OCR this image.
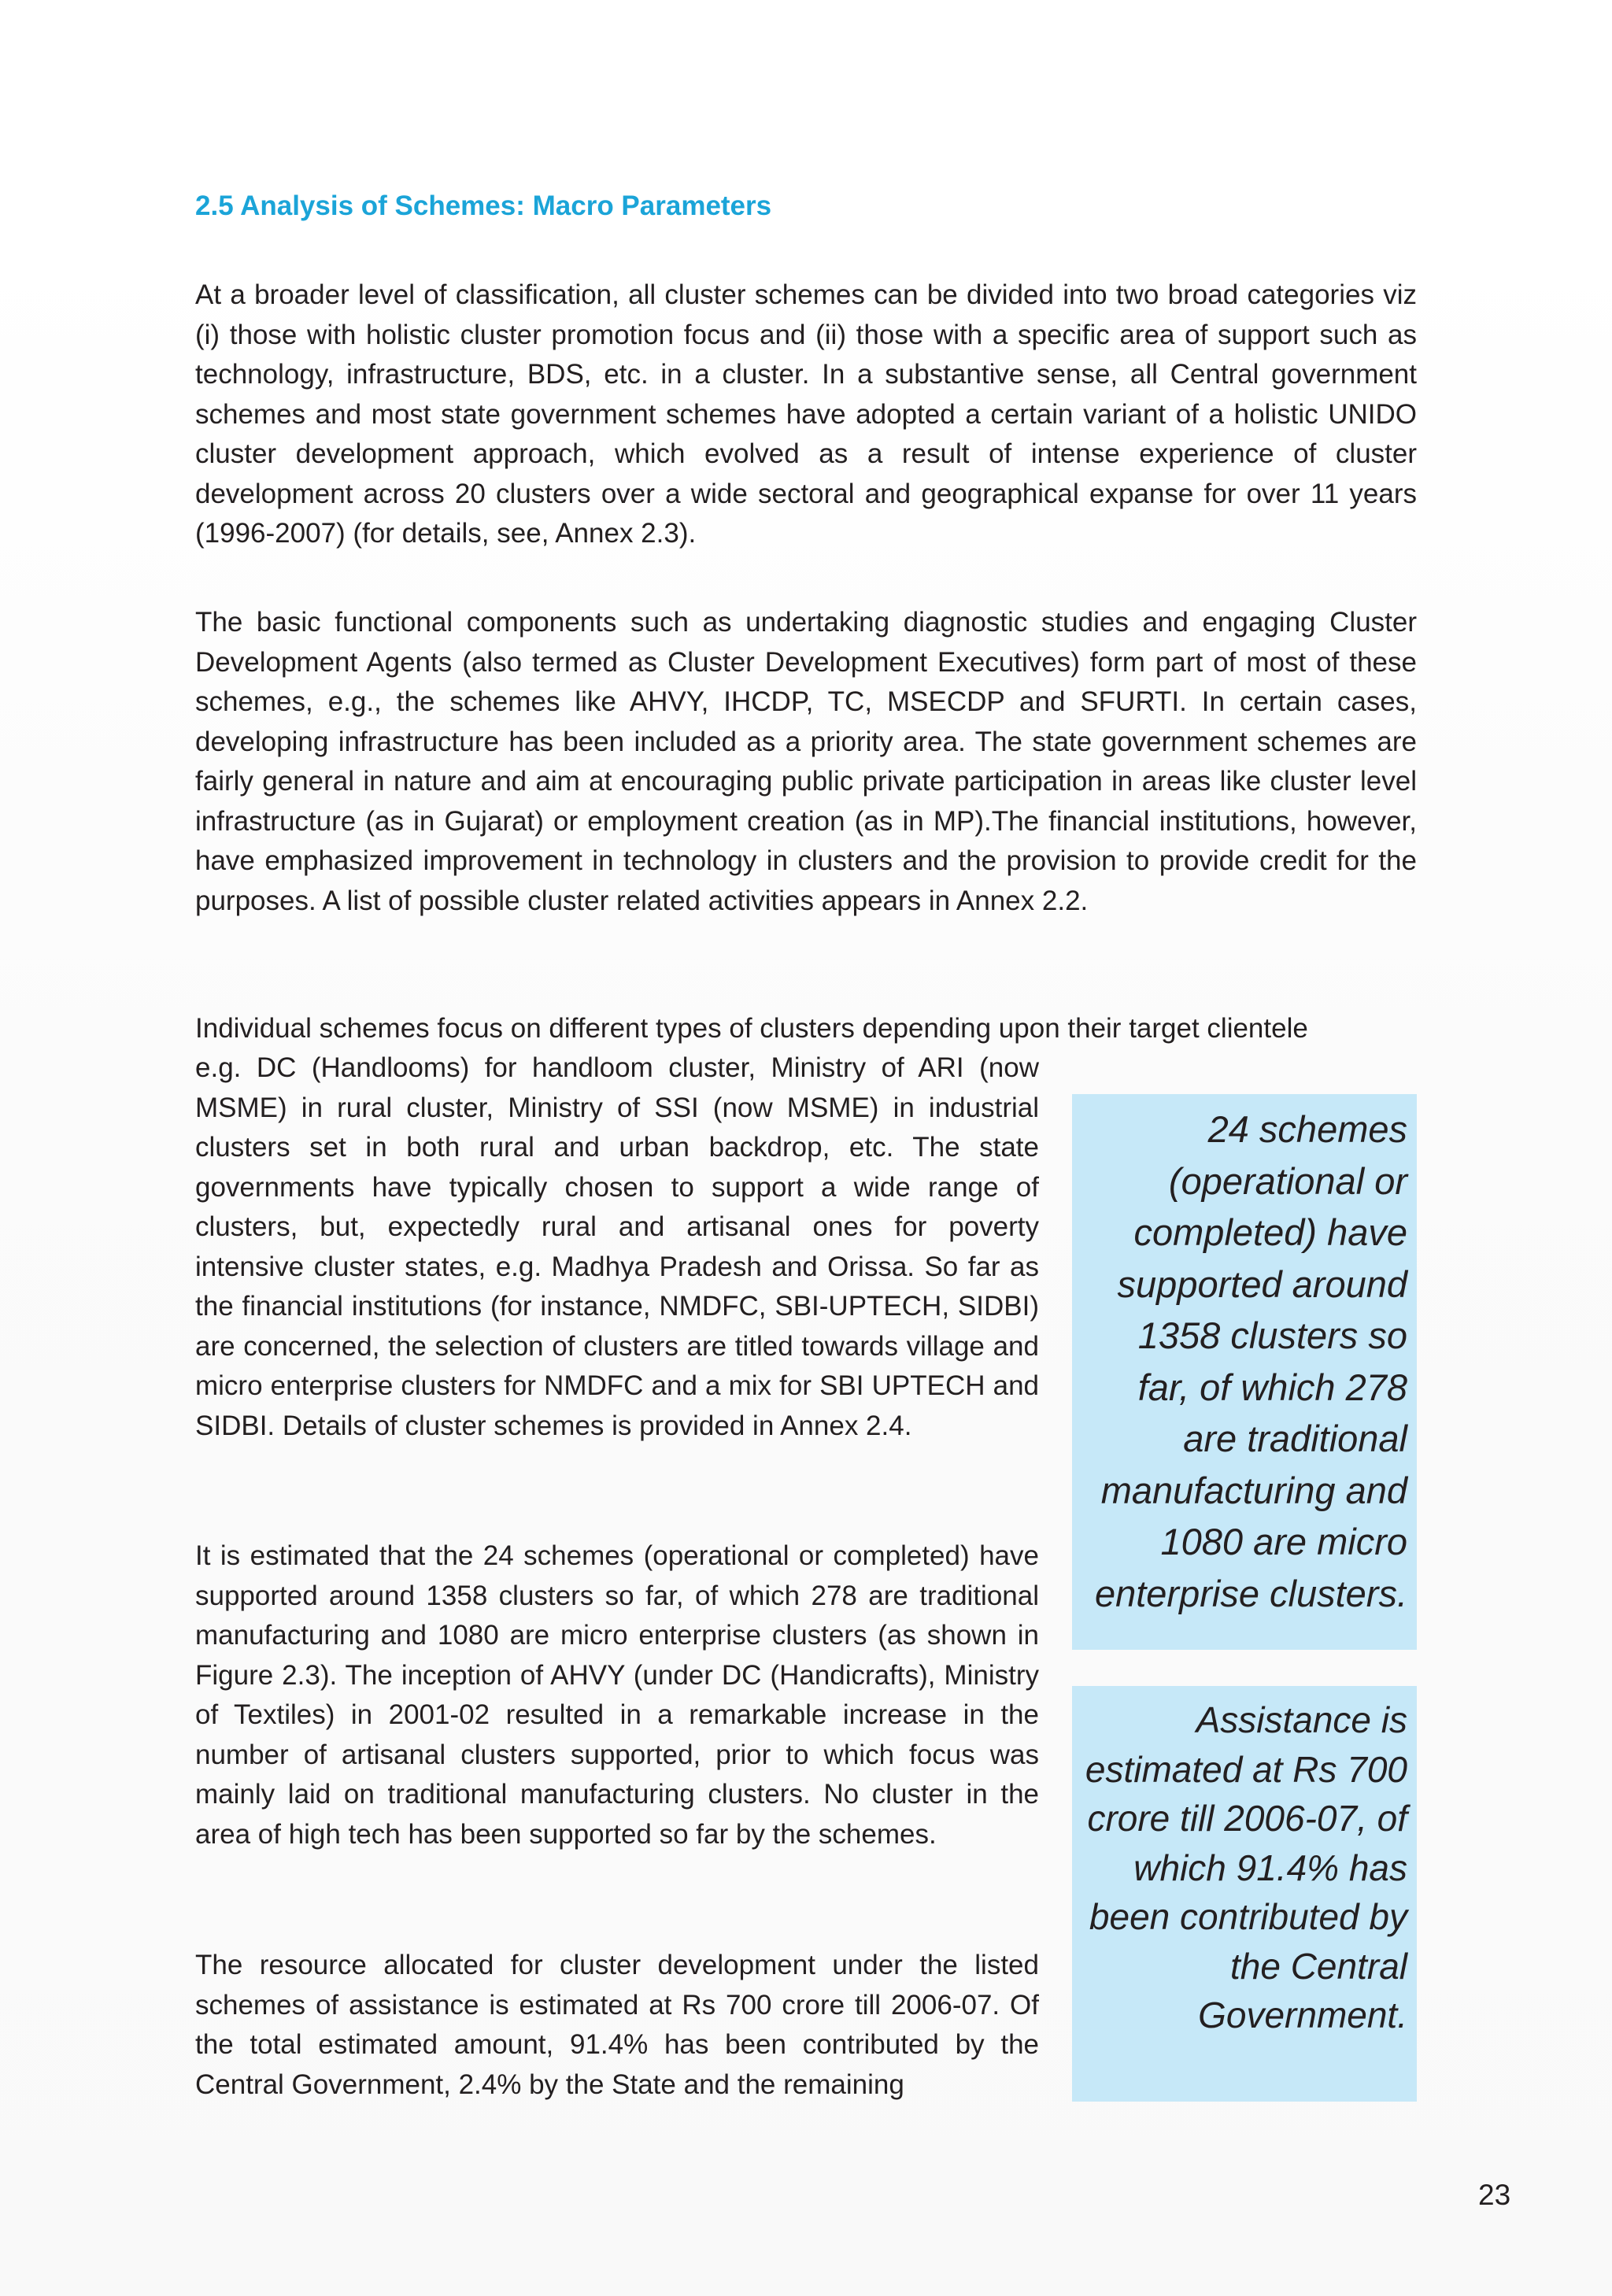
2.5 Analysis of Schemes: Macro Parameters

At a broader level of classification, all cluster schemes can be divided into two broad categories viz (i) those with holistic cluster promotion focus and (ii) those with a specific area of support such as technology, infrastructure, BDS, etc. in a cluster. In a substantive sense, all Central government schemes and most state government schemes have adopted a certain variant of a holistic UNIDO cluster development approach, which evolved as a result of intense experience of cluster development across 20 clusters over a wide sectoral and geographical expanse for over 11 years (1996-2007) (for details, see, Annex 2.3).

The basic functional components such as undertaking diagnostic studies and engaging Cluster Development Agents (also termed as Cluster Development Executives) form part of most of these schemes, e.g., the schemes like AHVY, IHCDP, TC, MSECDP and SFURTI. In certain cases, developing infrastructure has been included as a priority area. The state government schemes are fairly general in nature and aim at encouraging public private participation in areas like cluster level infrastructure (as in Gujarat) or employment creation (as in MP).The financial institutions, however, have emphasized improvement in technology in clusters and the provision to provide credit for the purposes. A list of possible cluster related activities appears in Annex 2.2.

Individual schemes focus on different types of clusters depending upon their target clientele

e.g. DC (Handlooms) for handloom cluster, Ministry of ARI (now MSME) in rural cluster, Ministry of SSI (now MSME) in industrial clusters set in both rural and urban backdrop, etc. The state governments have typically chosen to support a wide range of clusters, but, expectedly rural and artisanal ones for poverty intensive cluster states, e.g. Madhya Pradesh and Orissa. So far as the financial institutions (for instance, NMDFC, SBI-UPTECH, SIDBI) are concerned, the selection of clusters are titled towards village and micro enterprise clusters for NMDFC and a mix for SBI UPTECH and SIDBI. Details of cluster schemes is provided in Annex 2.4.

It is estimated that the 24 schemes (operational or completed) have supported around 1358 clusters so far, of which 278 are traditional manufacturing and 1080 are micro enterprise clusters (as shown in Figure 2.3). The inception of AHVY (under DC (Handicrafts), Ministry of Textiles) in 2001-02 resulted in a remarkable increase in the number of artisanal clusters supported, prior to which focus was mainly laid on traditional manufacturing clusters. No cluster in the area of high tech has been supported so far by the schemes.

The resource allocated for cluster development under the listed schemes of assistance is estimated at Rs 700 crore till 2006-07. Of the total estimated amount, 91.4% has been contributed by the Central Government, 2.4% by the State and the remaining

24 schemes (operational or completed) have supported around 1358 clusters so far, of which 278 are traditional manufacturing and 1080 are micro enterprise clusters.
Assistance is estimated at Rs 700 crore till 2006-07, of which 91.4% has been contributed by the Central Government.

23
